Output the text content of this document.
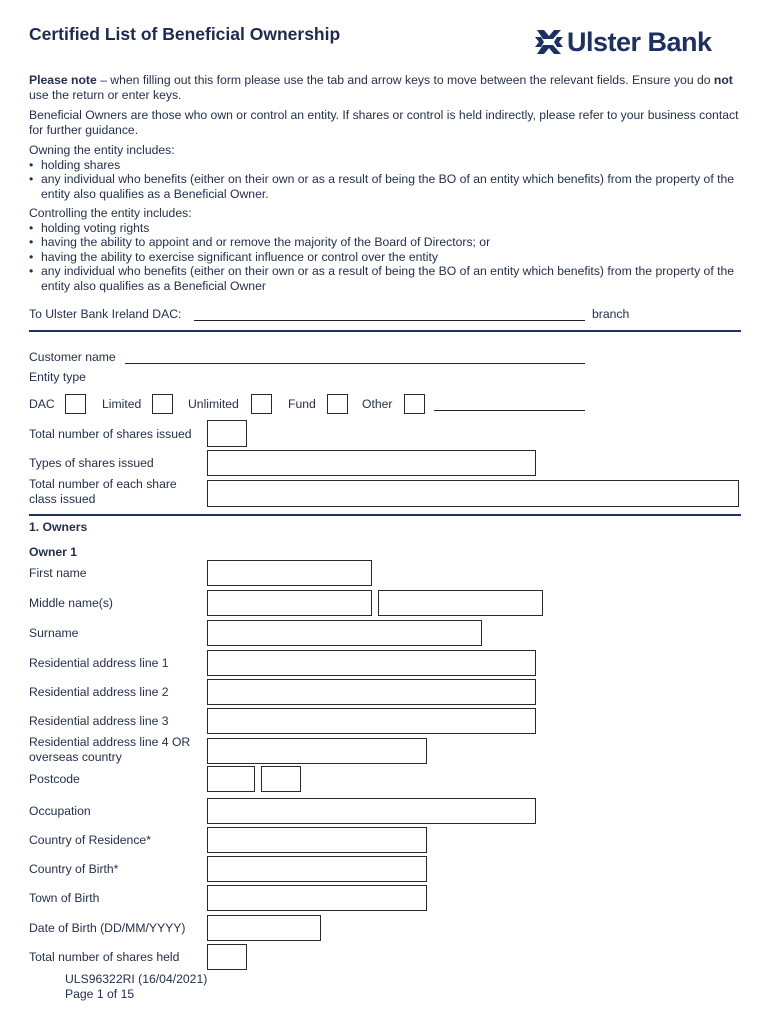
Certified List of Beneficial Ownership	Ulster Bank
Please note – when filling out this form please use the tab and arrow keys to move between the relevant fields. Ensure you do not use the return or enter keys.
Beneficial Owners are those who own or control an entity. If shares or control is held indirectly, please refer to your business contact for further guidance.
Owning the entity includes:
• holding shares
• any individual who benefits (either on their own or as a result of being the BO of an entity which benefits) from the property of the entity also qualifies as a Beneficial Owner.
Controlling the entity includes:
• holding voting rights
• having the ability to appoint and or remove the majority of the Board of Directors; or
• having the ability to exercise significant influence or control over the entity
• any individual who benefits (either on their own or as a result of being the BO of an entity which benefits) from the property of the entity also qualifies as a Beneficial Owner
To Ulster Bank Ireland DAC:	branch
Customer name
Entity type
DAC	Limited	Unlimited	Fund	Other
Total number of shares issued
Types of shares issued
Total number of each share class issued
1. Owners
Owner 1
First name
Middle name(s)
Surname
Residential address line 1
Residential address line 2
Residential address line 3
Residential address line 4 OR overseas country
Postcode
Occupation
Country of Residence*
Country of Birth*
Town of Birth
Date of Birth (DD/MM/YYYY)
Total number of shares held
ULS96322RI (16/04/2021)
Page 1 of 15
